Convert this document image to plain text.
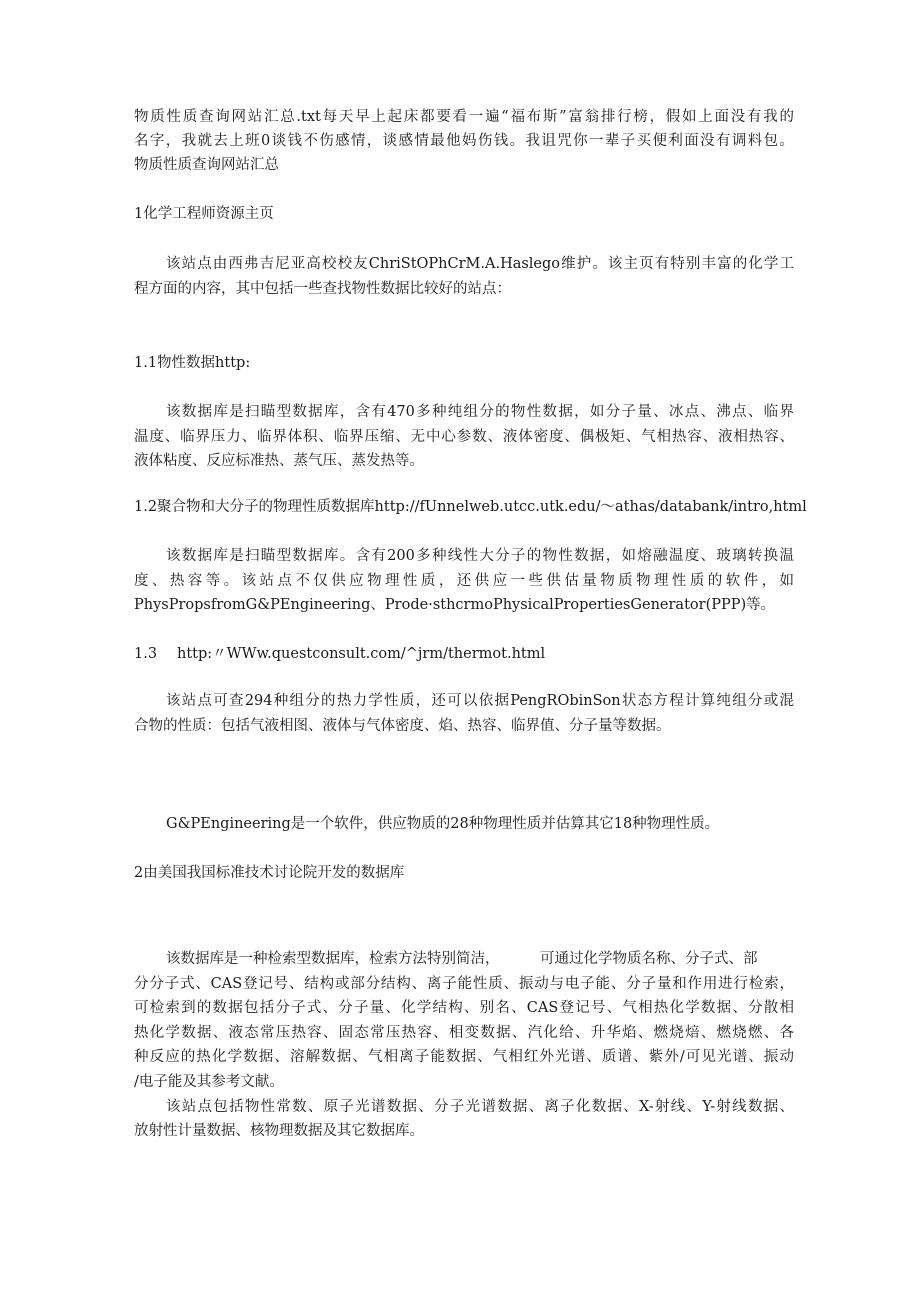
物质性质查询网站汇总.txt每天早上起床都要看一遍“福布斯”富翁排行榜，假如上面没有我的
名字，我就去上班0谈钱不伤感情，谈感情最他妈伤钱。我诅咒你一辈子买便利面没有调料包。
物质性质查询网站汇总
1化学工程师资源主页
该站点由西弗吉尼亚高校校友ChriStOPhCrM.A.Haslego维护。该主页有特别丰富的化学工
程方面的内容，其中包括一些查找物性数据比较好的站点：
1.1物性数据http:
该数据库是扫瞄型数据库，含有470多种纯组分的物性数据，如分子量、冰点、沸点、临界
温度、临界压力、临界体积、临界压缩、无中心参数、液体密度、偶极矩、气相热容、液相热容、
液体粘度、反应标准热、蒸气压、蒸发热等。
1.2聚合物和大分子的物理性质数据库http://fUnnelweb.utcc.utk.edu/〜athas/databank/intro,html
该数据库是扫瞄型数据库。含有200多种线性大分子的物性数据，如熔融温度、玻璃转换温
度、热容等。该站点不仅供应物理性质，还供应一些供估量物质物理性质的软件，如
PhysPropsfromG&PEngineering、Prode·sthcrmoPhysicalPropertiesGenerator(PPP)等。
1.3	http:〃WWw.questconsult.com/^jrm/thermot.html
该站点可查294种组分的热力学性质，还可以依据PengRObinSon状态方程计算纯组分或混
合物的性质：包括气液相图、液体与气体密度、焰、热容、临界值、分子量等数据。
G&PEngineering是一个软件，供应物质的28种物理性质并估算其它18种物理性质。
2由美国我国标准技术讨论院开发的数据库
该数据库是一种检索型数据库，检索方法特别简洁，	可通过化学物质名称、分子式、部
分分子式、CAS登记号、结构或部分结构、离子能性质、振动与电子能、分子量和作用进行检索，
可检索到的数据包括分子式、分子量、化学结构、别名、CAS登记号、气相热化学数据、分散相
热化学数据、液态常压热容、固态常压热容、相变数据、汽化给、升华焰、燃烧焙、燃烧燃、各
种反应的热化学数据、溶解数据、气相离子能数据、气相红外光谱、质谱、紫外/可见光谱、振动
/电子能及其参考文献。
该站点包括物性常数、原子光谱数据、分子光谱数据、离子化数据、X-射线、Y-射线数据、
放射性计量数据、核物理数据及其它数据库。
